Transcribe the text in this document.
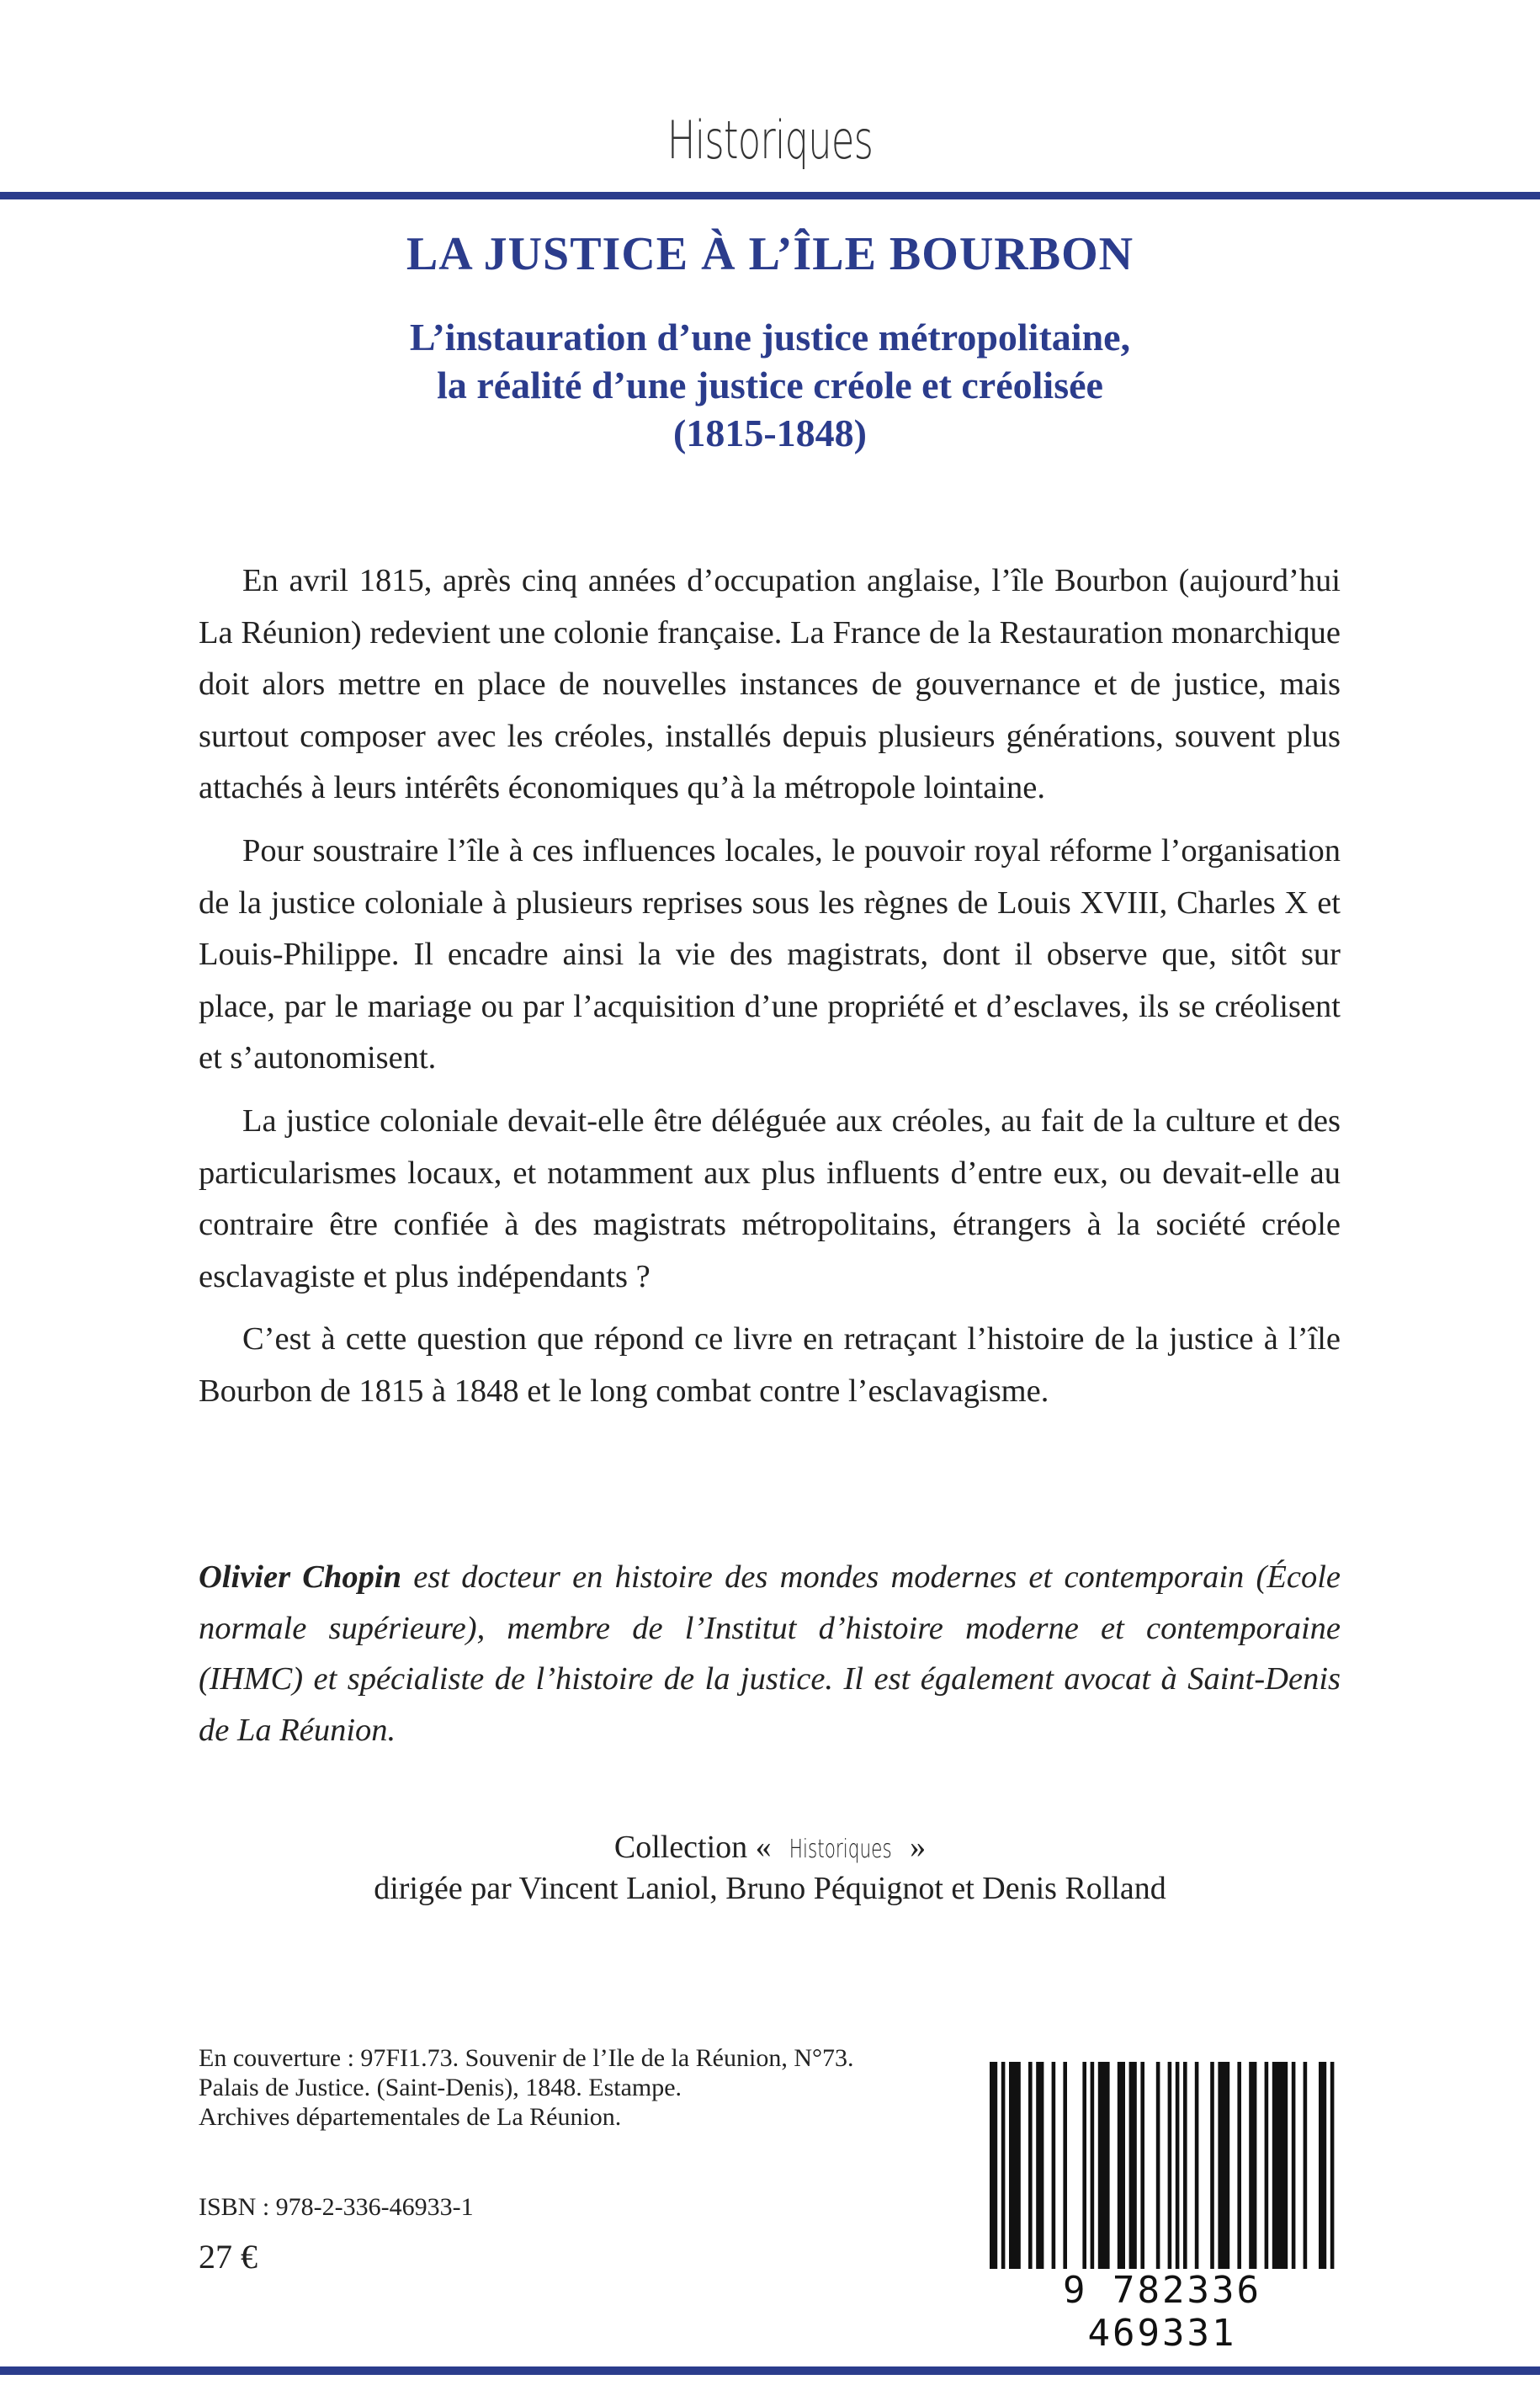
Historiques
LA JUSTICE À L’ÎLE BOURBON
L’instauration d’une justice métropolitaine,
la réalité d’une justice créole et créolisée
(1815-1848)

En avril 1815, après cinq années d’occupation anglaise, l’île Bourbon (aujourd’hui La Réunion) redevient une colonie française. La France de la Restauration monarchique doit alors mettre en place de nouvelles instances de gouvernance et de justice, mais surtout composer avec les créoles, installés depuis plusieurs générations, souvent plus attachés à leurs intérêts économiques qu’à la métropole lointaine.

Pour soustraire l’île à ces influences locales, le pouvoir royal réforme l’organisation de la justice coloniale à plusieurs reprises sous les règnes de Louis XVIII, Charles X et Louis-Philippe. Il encadre ainsi la vie des magistrats, dont il observe que, sitôt sur place, par le mariage ou par l’acquisition d’une propriété et d’esclaves, ils se créolisent et s’autonomisent.

La justice coloniale devait-elle être déléguée aux créoles, au fait de la culture et des particularismes locaux, et notamment aux plus influents d’entre eux, ou devait-elle au contraire être confiée à des magistrats métropolitains, étrangers à la société créole esclavagiste et plus indépendants ?

C’est à cette question que répond ce livre en retraçant l’histoire de la justice à l’île Bourbon de 1815 à 1848 et le long combat contre l’esclavagisme.

Olivier Chopin est docteur en histoire des mondes modernes et contemporain (École normale supérieure), membre de l’Institut d’histoire moderne et contemporaine (IHMC) et spécialiste de l’histoire de la justice. Il est également avocat à Saint-Denis de La Réunion.
Collection « Historiques »
dirigée par Vincent Laniol, Bruno Péquignot et Denis Rolland
En couverture : 97FI1.73. Souvenir de l’Ile de la Réunion, N°73.
Palais de Justice. (Saint-Denis), 1848. Estampe.
Archives départementales de La Réunion.
ISBN : 978-2-336-46933-1
27 €
9 782336 469331
